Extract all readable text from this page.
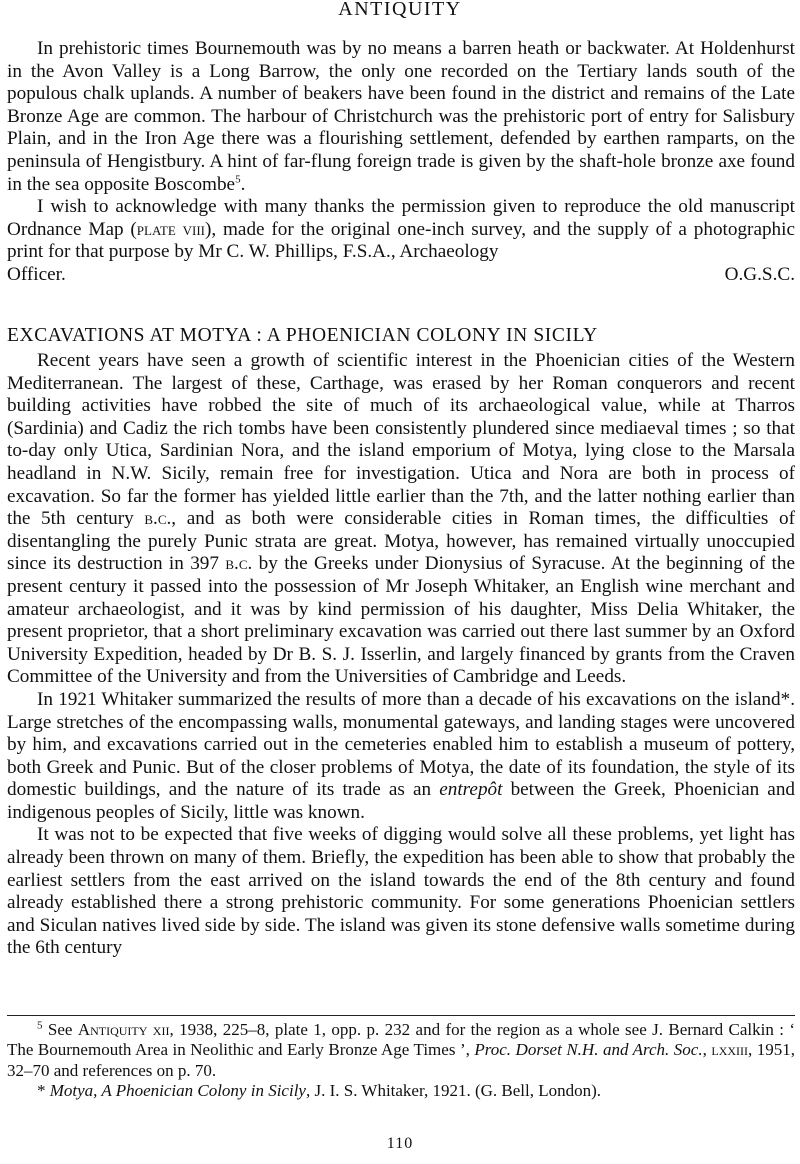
ANTIQUITY

In prehistoric times Bournemouth was by no means a barren heath or backwater. At Holdenhurst in the Avon Valley is a Long Barrow, the only one recorded on the Tertiary lands south of the populous chalk uplands. A number of beakers have been found in the district and remains of the Late Bronze Age are common. The harbour of Christchurch was the prehistoric port of entry for Salisbury Plain, and in the Iron Age there was a flourishing settlement, defended by earthen ramparts, on the peninsula of Hengistbury. A hint of far-flung foreign trade is given by the shaft-hole bronze axe found in the sea opposite Boscombe$^5$.

I wish to acknowledge with many thanks the permission given to reproduce the old manuscript Ordnance Map (plate viii), made for the original one-inch survey, and the supply of a photographic print for that purpose by Mr C. W. Phillips, F.S.A., Archaeology

Officer.	O.G.S.C.
EXCAVATIONS AT MOTYA : A PHOENICIAN COLONY IN SICILY

Recent years have seen a growth of scientific interest in the Phoenician cities of the Western Mediterranean. The largest of these, Carthage, was erased by her Roman conquerors and recent building activities have robbed the site of much of its archaeological value, while at Tharros (Sardinia) and Cadiz the rich tombs have been consistently plundered since mediaeval times ; so that to-day only Utica, Sardinian Nora, and the island emporium of Motya, lying close to the Marsala headland in N.W. Sicily, remain free for investigation. Utica and Nora are both in process of excavation. So far the former has yielded little earlier than the 7th, and the latter nothing earlier than the 5th century b.c., and as both were considerable cities in Roman times, the difficulties of disentangling the purely Punic strata are great. Motya, however, has remained virtually unoccupied since its destruction in 397 b.c. by the Greeks under Dionysius of Syracuse. At the beginning of the present century it passed into the possession of Mr Joseph Whitaker, an English wine merchant and amateur archaeologist, and it was by kind permission of his daughter, Miss Delia Whitaker, the present proprietor, that a short preliminary excavation was carried out there last summer by an Oxford University Expedition, headed by Dr B. S. J. Isserlin, and largely financed by grants from the Craven Committee of the University and from the Universities of Cambridge and Leeds.

In 1921 Whitaker summarized the results of more than a decade of his excavations on the island*. Large stretches of the encompassing walls, monumental gateways, and landing stages were uncovered by him, and excavations carried out in the cemeteries enabled him to establish a museum of pottery, both Greek and Punic. But of the closer problems of Motya, the date of its foundation, the style of its domestic buildings, and the nature of its trade as an entrepôt between the Greek, Phoenician and indigenous peoples of Sicily, little was known.

It was not to be expected that five weeks of digging would solve all these problems, yet light has already been thrown on many of them. Briefly, the expedition has been able to show that probably the earliest settlers from the east arrived on the island towards the end of the 8th century and found already established there a strong prehistoric community. For some generations Phoenician settlers and Siculan natives lived side by side. The island was given its stone defensive walls sometime during the 6th century

$^5$ See Antiquity xii, 1938, 225–8, plate 1, opp. p. 232 and for the region as a whole see J. Bernard Calkin : ‘ The Bournemouth Area in Neolithic and Early Bronze Age Times ’, Proc. Dorset N.H. and Arch. Soc., lxxiii, 1951, 32–70 and references on p. 70.

* Motya, A Phoenician Colony in Sicily, J. I. S. Whitaker, 1921. (G. Bell, London).

110
